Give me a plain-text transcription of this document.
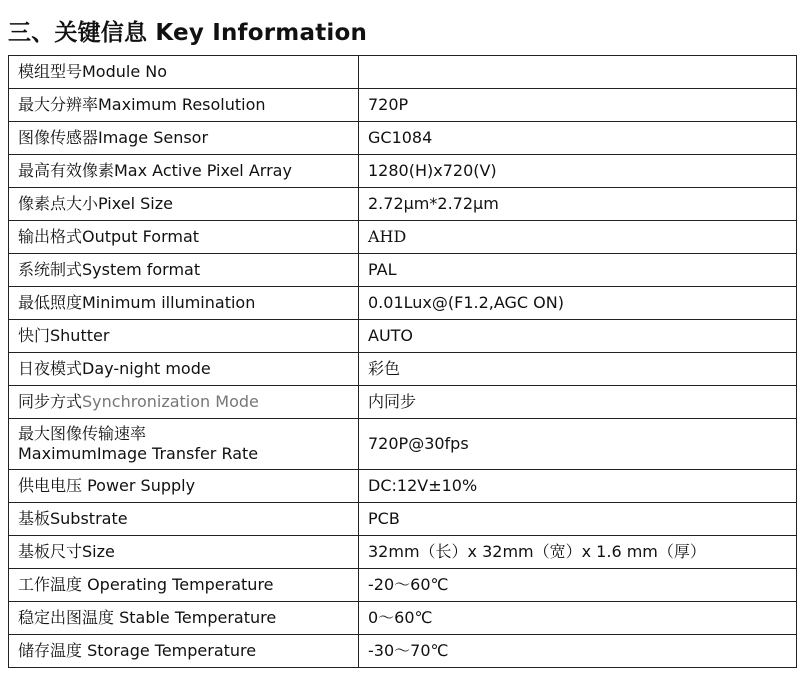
三、关键信息 Key Information
模组型号Module No	
最大分辨率Maximum Resolution	720P
图像传感器Image Sensor	GC1084
最高有效像素Max Active Pixel Array	1280(H)x720(V)
像素点大小Pixel Size	2.72μm*2.72μm
输出格式Output Format	AHD
系统制式System format	PAL
最低照度Minimum illumination	0.01Lux@(F1.2,AGC ON)
快门Shutter	AUTO
日夜模式Day-night mode	彩色
同步方式Synchronization Mode	内同步
最大图像传输速率
MaximumImage Transfer Rate	720P@30fps
供电电压 Power Supply	DC:12V±10%
基板Substrate	PCB
基板尺寸Size	32mm（长）x 32mm（宽）x 1.6 mm（厚）
工作温度 Operating Temperature	-20～60℃
稳定出图温度 Stable Temperature	0～60℃
储存温度 Storage Temperature	-30～70℃
